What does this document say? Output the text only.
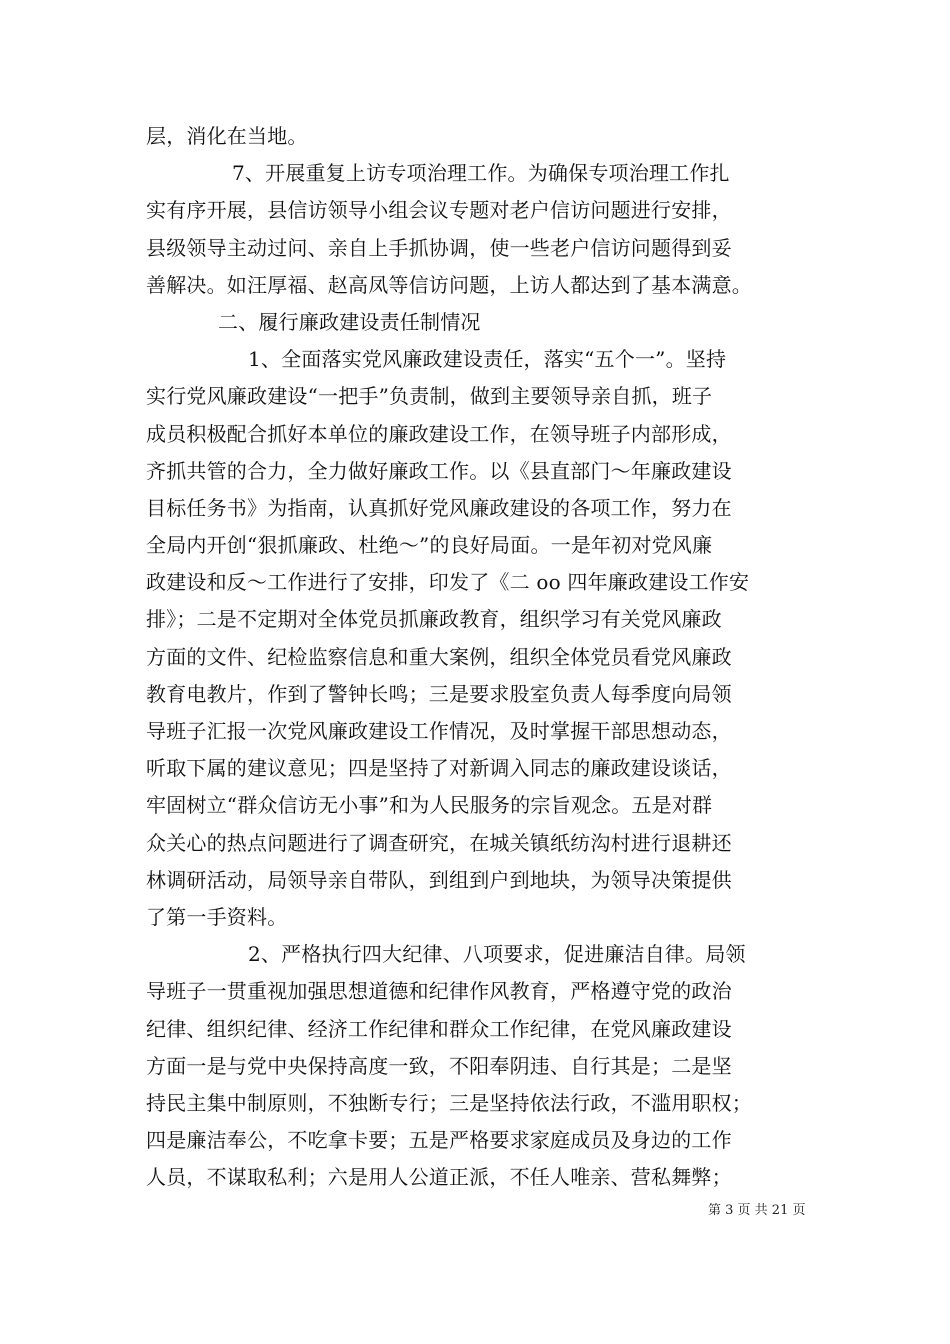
层，消化在当地。
7、开展重复上访专项治理工作。为确保专项治理工作扎
实有序开展，县信访领导小组会议专题对老户信访问题进行安排，
县级领导主动过问、亲自上手抓协调，使一些老户信访问题得到妥
善解决。如汪厚福、赵高凤等信访问题，上访人都达到了基本满意。
二、履行廉政建设责任制情况
1、全面落实党风廉政建设责任，落实“五个一”。坚持
实行党风廉政建设“一把手”负责制，做到主要领导亲自抓，班子
成员积极配合抓好本单位的廉政建设工作，在领导班子内部形成，
齐抓共管的合力，全力做好廉政工作。以《县直部门～年廉政建设
目标任务书》为指南，认真抓好党风廉政建设的各项工作，努力在
全局内开创“狠抓廉政、杜绝～”的良好局面。一是年初对党风廉
政建设和反～工作进行了安排，印发了《二 oo 四年廉政建设工作安
排》；二是不定期对全体党员抓廉政教育，组织学习有关党风廉政
方面的文件、纪检监察信息和重大案例，组织全体党员看党风廉政
教育电教片，作到了警钟长鸣；三是要求股室负责人每季度向局领
导班子汇报一次党风廉政建设工作情况，及时掌握干部思想动态，
听取下属的建议意见；四是坚持了对新调入同志的廉政建设谈话，
牢固树立“群众信访无小事”和为人民服务的宗旨观念。五是对群
众关心的热点问题进行了调查研究，在城关镇纸纺沟村进行退耕还
林调研活动，局领导亲自带队，到组到户到地块，为领导决策提供
了第一手资料。
2、严格执行四大纪律、八项要求，促进廉洁自律。局领
导班子一贯重视加强思想道德和纪律作风教育，严格遵守党的政治
纪律、组织纪律、经济工作纪律和群众工作纪律，在党风廉政建设
方面一是与党中央保持高度一致，不阳奉阴违、自行其是；二是坚
持民主集中制原则，不独断专行；三是坚持依法行政，不滥用职权；
四是廉洁奉公，不吃拿卡要；五是严格要求家庭成员及身边的工作
人员，不谋取私利；六是用人公道正派，不任人唯亲、营私舞弊；
第 3 页 共 21 页
